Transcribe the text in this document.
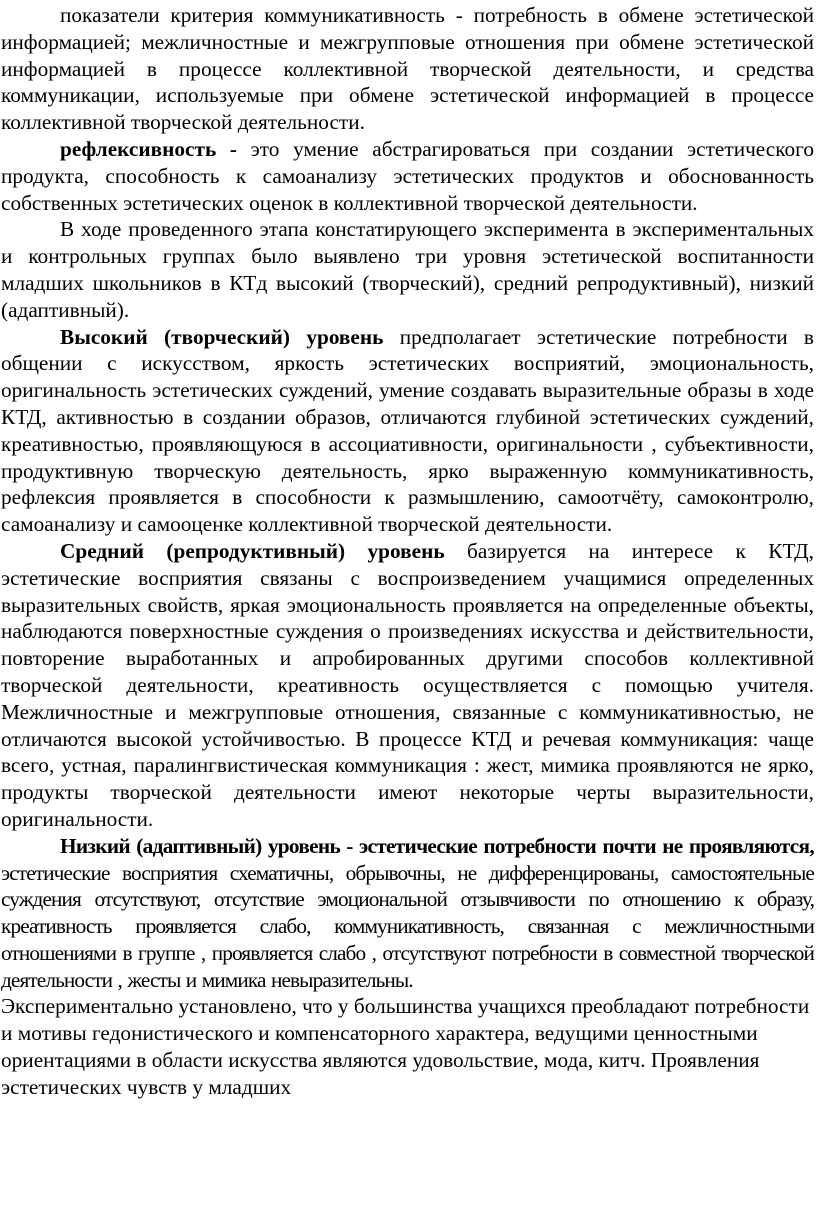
показатели критерия коммуникативность - потребность в обмене эстетической информацией; межличностные и межгрупповые отношения при обмене эстетической информацией в процессе коллективной творческой деятельности, и средства коммуникации, используемые при обмене эстетической информацией в процессе коллективной творческой деятельности.

рефлексивность - это умение абстрагироваться при создании эстетического продукта, способность к самоанализу эстетических продуктов и обоснованность собственных эстетических оценок в коллективной творческой деятельности.

В ходе проведенного этапа констатирующего эксперимента в экспериментальных и контрольных группах было выявлено три уровня эстетической воспитанности младших школьников в КТд высокий (творческий), средний репродуктивный), низкий (адаптивный).

Высокий (творческий) уровень предполагает эстетические потребности в общении с искусством, яркость эстетических восприятий, эмоциональность, оригинальность эстетических суждений, умение создавать выразительные образы в ходе КТД, активностью в создании образов, отличаются глубиной эстетических суждений, креативностью, проявляющуюся в ассоциативности, оригинальности , субъективности, продуктивную творческую деятельность, ярко выраженную коммуникативность, рефлексия проявляется в способности к размышлению, самоотчёту, самоконтролю, самоанализу и самооценке коллективной творческой деятельности.

Средний (репродуктивный) уровень базируется на интересе к КТД, эстетические восприятия связаны с воспроизведением учащимися определенных выразительных свойств, яркая эмоциональность проявляется на определенные объекты, наблюдаются поверхностные суждения о произведениях искусства и действительности, повторение выработанных и апробированных другими способов коллективной творческой деятельности, креативность осуществляется с помощью учителя. Межличностные и межгрупповые отношения, связанные с коммуникативностью, не отличаются высокой устойчивостью. В процессе КТД и речевая коммуникация: чаще всего, устная, паралингвистическая коммуникация : жест, мимика проявляются не ярко, продукты творческой деятельности имеют некоторые черты выразительности, оригинальности.

Низкий (адаптивный) уровень - эстетические потребности почти не проявляются, эстетические восприятия схематичны, обрывочны, не дифференцированы, самостоятельные суждения отсутствуют, отсутствие эмоциональной отзывчивости по отношению к образу, креативность проявляется слабо, коммуникативность, связанная с межличностными отношениями в группе , проявляется слабо , отсутствуют потребности в совместной творческой деятельности , жесты и мимика невыразительны.

Экспериментально установлено, что у большинства учащихся преобладают потребности и мотивы гедонистического и компенсаторного характера, ведущими ценностными ориентациями в области искусства являются удовольствие, мода, китч. Проявления эстетических чувств у младших
